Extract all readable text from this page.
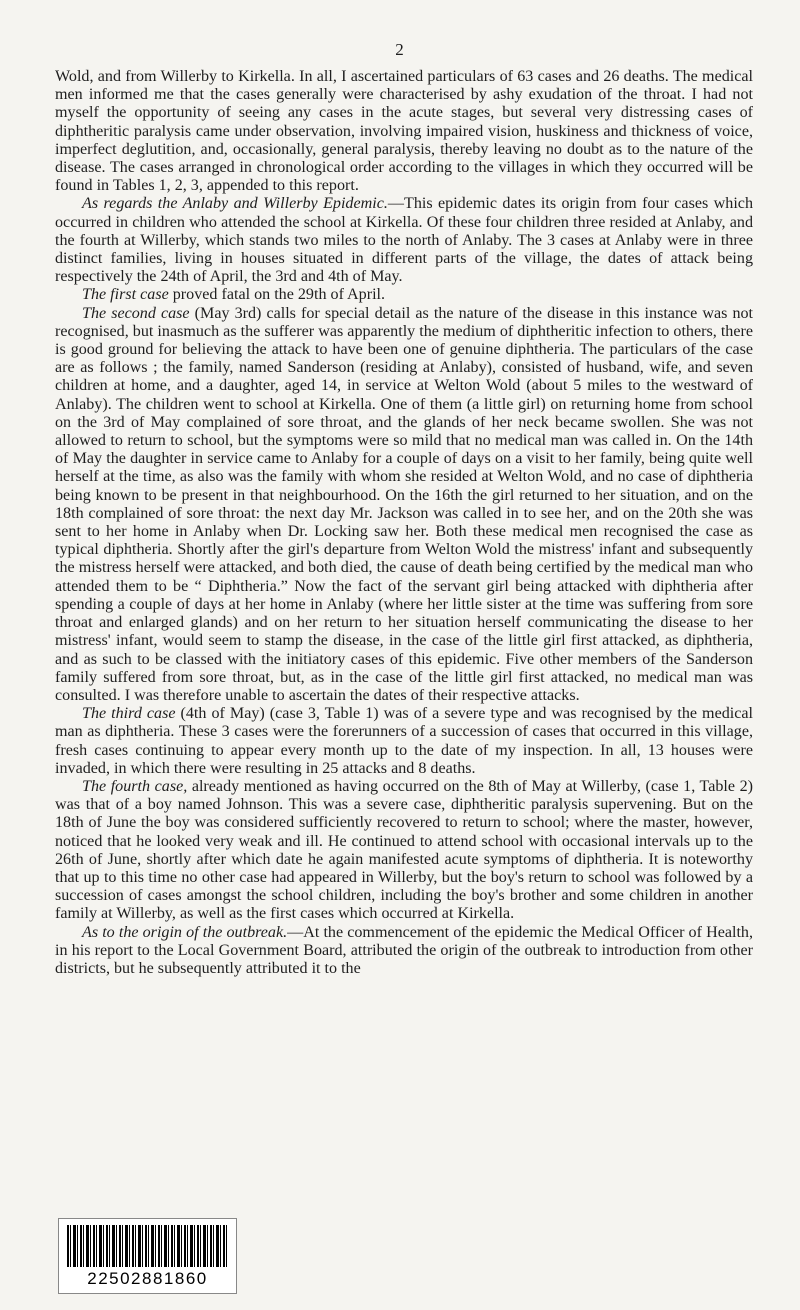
2

Wold, and from Willerby to Kirkella. In all, I ascertained particulars of 63 cases and 26 deaths. The medical men informed me that the cases generally were characterised by ashy exudation of the throat. I had not myself the opportunity of seeing any cases in the acute stages, but several very distressing cases of diphtheritic paralysis came under observation, involving impaired vision, huskiness and thickness of voice, imperfect deglutition, and, occasionally, general paralysis, thereby leaving no doubt as to the nature of the disease. The cases arranged in chronological order according to the villages in which they occurred will be found in Tables 1, 2, 3, appended to this report.

As regards the Anlaby and Willerby Epidemic.—This epidemic dates its origin from four cases which occurred in children who attended the school at Kirkella. Of these four children three resided at Anlaby, and the fourth at Willerby, which stands two miles to the north of Anlaby. The 3 cases at Anlaby were in three distinct families, living in houses situated in different parts of the village, the dates of attack being respectively the 24th of April, the 3rd and 4th of May.

The first case proved fatal on the 29th of April.

The second case (May 3rd) calls for special detail as the nature of the disease in this instance was not recognised, but inasmuch as the sufferer was apparently the medium of diphtheritic infection to others, there is good ground for believing the attack to have been one of genuine diphtheria. The particulars of the case are as follows ; the family, named Sanderson (residing at Anlaby), consisted of husband, wife, and seven children at home, and a daughter, aged 14, in service at Welton Wold (about 5 miles to the westward of Anlaby). The children went to school at Kirkella. One of them (a little girl) on returning home from school on the 3rd of May complained of sore throat, and the glands of her neck became swollen. She was not allowed to return to school, but the symptoms were so mild that no medical man was called in. On the 14th of May the daughter in service came to Anlaby for a couple of days on a visit to her family, being quite well herself at the time, as also was the family with whom she resided at Welton Wold, and no case of diphtheria being known to be present in that neighbourhood. On the 16th the girl returned to her situation, and on the 18th complained of sore throat: the next day Mr. Jackson was called in to see her, and on the 20th she was sent to her home in Anlaby when Dr. Locking saw her. Both these medical men recognised the case as typical diphtheria. Shortly after the girl's departure from Welton Wold the mistress' infant and subsequently the mistress herself were attacked, and both died, the cause of death being certified by the medical man who attended them to be “ Diphtheria.” Now the fact of the servant girl being attacked with diphtheria after spending a couple of days at her home in Anlaby (where her little sister at the time was suffering from sore throat and enlarged glands) and on her return to her situation herself communicating the disease to her mistress' infant, would seem to stamp the disease, in the case of the little girl first attacked, as diphtheria, and as such to be classed with the initiatory cases of this epidemic. Five other members of the Sanderson family suffered from sore throat, but, as in the case of the little girl first attacked, no medical man was consulted. I was therefore unable to ascertain the dates of their respective attacks.

The third case (4th of May) (case 3, Table 1) was of a severe type and was recognised by the medical man as diphtheria. These 3 cases were the forerunners of a succession of cases that occurred in this village, fresh cases continuing to appear every month up to the date of my inspection. In all, 13 houses were invaded, in which there were resulting in 25 attacks and 8 deaths.

The fourth case, already mentioned as having occurred on the 8th of May at Willerby, (case 1, Table 2) was that of a boy named Johnson. This was a severe case, diphtheritic paralysis supervening. But on the 18th of June the boy was considered sufficiently recovered to return to school; where the master, however, noticed that he looked very weak and ill. He continued to attend school with occasional intervals up to the 26th of June, shortly after which date he again manifested acute symptoms of diphtheria. It is noteworthy that up to this time no other case had appeared in Willerby, but the boy's return to school was followed by a succession of cases amongst the school children, including the boy's brother and some children in another family at Willerby, as well as the first cases which occurred at Kirkella.

As to the origin of the outbreak.—At the commencement of the epidemic the Medical Officer of Health, in his report to the Local Government Board, attributed the origin of the outbreak to introduction from other districts, but he subsequently attributed it to the

22502881860
